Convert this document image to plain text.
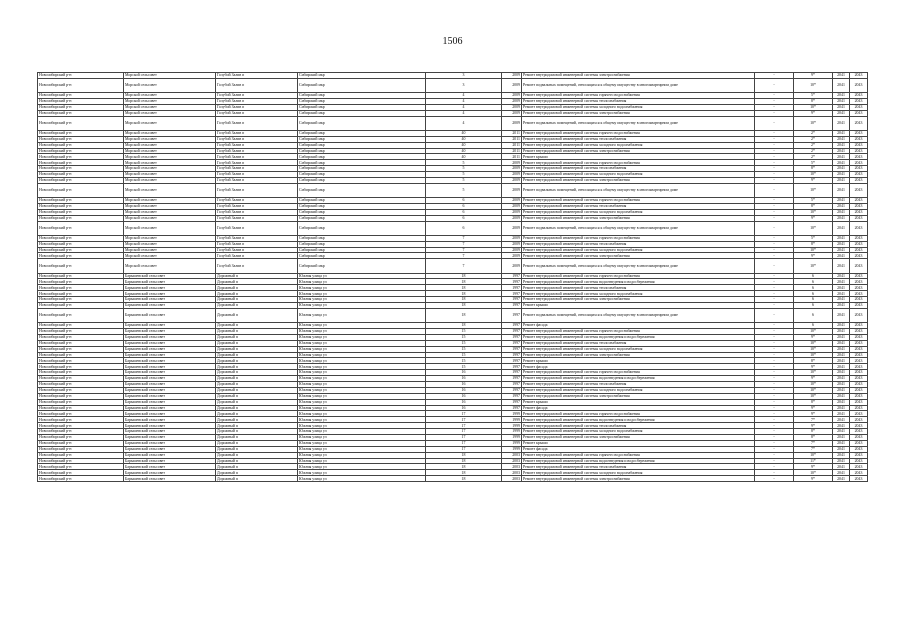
1506
Новосибирский р-н	Морской сельсовет	Голубой Залив п	Сибирский мкр	3	2009	Ремонт внутридомовой инженерной системы электроснабжения	-	9*	2041	2043
Новосибирский р-н	Морской сельсовет	Голубой Залив п	Сибирский мкр	3	2009	Ремонт подвальных помещений, относящихся к общему имуществу в многоквартирном доме	-	10*	2041	2043
Новосибирский р-н	Морской сельсовет	Голубой Залив п	Сибирский мкр	4	2009	Ремонт внутридомовой инженерной системы горячего водоснабжения	-	5*	2041	2043
Новосибирский р-н	Морской сельсовет	Голубой Залив п	Сибирский мкр	4	2009	Ремонт внутридомовой инженерной системы теплоснабжения	-	8*	2041	2043
Новосибирский р-н	Морской сельсовет	Голубой Залив п	Сибирский мкр	4	2009	Ремонт внутридомовой инженерной системы холодного водоснабжения	-	10*	2041	2043
Новосибирский р-н	Морской сельсовет	Голубой Залив п	Сибирский мкр	4	2009	Ремонт внутридомовой инженерной системы электроснабжения	-	9*	2041	2043
Новосибирский р-н	Морской сельсовет	Голубой Залив п	Сибирский мкр	4	2009	Ремонт подвальных помещений, относящихся к общему имуществу в многоквартирном доме	-	10*	2041	2043
Новосибирский р-н	Морской сельсовет	Голубой Залив п	Сибирский мкр	40	2011	Ремонт внутридомовой инженерной системы горячего водоснабжения	-	2*	2041	2043
Новосибирский р-н	Морской сельсовет	Голубой Залив п	Сибирский мкр	40	2011	Ремонт внутридомовой инженерной системы теплоснабжения	-	2*	2041	2043
Новосибирский р-н	Морской сельсовет	Голубой Залив п	Сибирский мкр	40	2011	Ремонт внутридомовой инженерной системы холодного водоснабжения	-	2*	2041	2043
Новосибирский р-н	Морской сельсовет	Голубой Залив п	Сибирский мкр	40	2011	Ремонт внутридомовой инженерной системы электроснабжения	-	2*	2041	2043
Новосибирский р-н	Морской сельсовет	Голубой Залив п	Сибирский мкр	40	2011	Ремонт крыши	-	2*	2041	2043
Новосибирский р-н	Морской сельсовет	Голубой Залив п	Сибирский мкр	5	2009	Ремонт внутридомовой инженерной системы горячего водоснабжения	-	5*	2041	2043
Новосибирский р-н	Морской сельсовет	Голубой Залив п	Сибирский мкр	5	2009	Ремонт внутридомовой инженерной системы теплоснабжения	-	8*	2041	2043
Новосибирский р-н	Морской сельсовет	Голубой Залив п	Сибирский мкр	5	2009	Ремонт внутридомовой инженерной системы холодного водоснабжения	-	10*	2041	2043
Новосибирский р-н	Морской сельсовет	Голубой Залив п	Сибирский мкр	5	2009	Ремонт внутридомовой инженерной системы электроснабжения	-	9*	2041	2043
Новосибирский р-н	Морской сельсовет	Голубой Залив п	Сибирский мкр	5	2009	Ремонт подвальных помещений, относящихся к общему имуществу в многоквартирном доме	-	10*	2041	2043
Новосибирский р-н	Морской сельсовет	Голубой Залив п	Сибирский мкр	6	2009	Ремонт внутридомовой инженерной системы горячего водоснабжения	-	5*	2041	2043
Новосибирский р-н	Морской сельсовет	Голубой Залив п	Сибирский мкр	6	2009	Ремонт внутридомовой инженерной системы теплоснабжения	-	8*	2041	2043
Новосибирский р-н	Морской сельсовет	Голубой Залив п	Сибирский мкр	6	2009	Ремонт внутридомовой инженерной системы холодного водоснабжения	-	10*	2041	2043
Новосибирский р-н	Морской сельсовет	Голубой Залив п	Сибирский мкр	6	2009	Ремонт внутридомовой инженерной системы электроснабжения	-	9*	2041	2043
Новосибирский р-н	Морской сельсовет	Голубой Залив п	Сибирский мкр	6	2009	Ремонт подвальных помещений, относящихся к общему имуществу в многоквартирном доме	-	10*	2041	2043
Новосибирский р-н	Морской сельсовет	Голубой Залив п	Сибирский мкр	7	2009	Ремонт внутридомовой инженерной системы горячего водоснабжения	-	5*	2041	2043
Новосибирский р-н	Морской сельсовет	Голубой Залив п	Сибирский мкр	7	2009	Ремонт внутридомовой инженерной системы теплоснабжения	-	8*	2041	2043
Новосибирский р-н	Морской сельсовет	Голубой Залив п	Сибирский мкр	7	2009	Ремонт внутридомовой инженерной системы холодного водоснабжения	-	10*	2041	2043
Новосибирский р-н	Морской сельсовет	Голубой Залив п	Сибирский мкр	7	2009	Ремонт внутридомовой инженерной системы электроснабжения	-	9*	2041	2043
Новосибирский р-н	Морской сельсовет	Голубой Залив п	Сибирский мкр	7	2009	Ремонт подвальных помещений, относящихся к общему имуществу в многоквартирном доме	-	10*	2041	2043
Новосибирский р-н	Барышевский сельсовет	Дорожный п	Южная улица ул	18	1997	Ремонт внутридомовой инженерной системы горячего водоснабжения	-	6	2041	2043
Новосибирский р-н	Барышевский сельсовет	Дорожный п	Южная улица ул	18	1997	Ремонт внутридомовой инженерной системы водоотведения и водосбережения	-	6	2041	2043
Новосибирский р-н	Барышевский сельсовет	Дорожный п	Южная улица ул	18	1997	Ремонт внутридомовой инженерной системы теплоснабжения	-	6	2041	2043
Новосибирский р-н	Барышевский сельсовет	Дорожный п	Южная улица ул	18	1997	Ремонт внутридомовой инженерной системы холодного водоснабжения	-	6	2041	2043
Новосибирский р-н	Барышевский сельсовет	Дорожный п	Южная улица ул	18	1997	Ремонт внутридомовой инженерной системы электроснабжения	-	6	2041	2043
Новосибирский р-н	Барышевский сельсовет	Дорожный п	Южная улица ул	18	1997	Ремонт крыши	-	6	2041	2043
Новосибирский р-н	Барышевский сельсовет	Дорожный п	Южная улица ул	18	1997	Ремонт подвальных помещений, относящихся к общему имуществу в многоквартирном доме	-	6	2041	2043
Новосибирский р-н	Барышевский сельсовет	Дорожный п	Южная улица ул	18	1997	Ремонт фасада	-	6	2041	2043
Новосибирский р-н	Барышевский сельсовет	Дорожный п	Южная улица ул	15	1997	Ремонт внутридомовой инженерной системы горячего водоснабжения	-	10*	2041	2043
Новосибирский р-н	Барышевский сельсовет	Дорожный п	Южная улица ул	15	1997	Ремонт внутридомовой инженерной системы водоотведения и водосбережения	-	9*	2041	2043
Новосибирский р-н	Барышевский сельсовет	Дорожный п	Южная улица ул	15	1997	Ремонт внутридомовой инженерной системы теплоснабжения	-	10*	2041	2043
Новосибирский р-н	Барышевский сельсовет	Дорожный п	Южная улица ул	15	1997	Ремонт внутридомовой инженерной системы холодного водоснабжения	-	10*	2041	2043
Новосибирский р-н	Барышевский сельсовет	Дорожный п	Южная улица ул	15	1997	Ремонт внутридомовой инженерной системы электроснабжения	-	10*	2041	2043
Новосибирский р-н	Барышевский сельсовет	Дорожный п	Южная улица ул	15	1997	Ремонт крыши	-	8*	2041	2043
Новосибирский р-н	Барышевский сельсовет	Дорожный п	Южная улица ул	15	1997	Ремонт фасада	-	9*	2041	2043
Новосибирский р-н	Барышевский сельсовет	Дорожный п	Южная улица ул	16	1997	Ремонт внутридомовой инженерной системы горячего водоснабжения	-	10*	2041	2043
Новосибирский р-н	Барышевский сельсовет	Дорожный п	Южная улица ул	16	1997	Ремонт внутридомовой инженерной системы водоотведения и водосбережения	-	9*	2041	2043
Новосибирский р-н	Барышевский сельсовет	Дорожный п	Южная улица ул	16	1997	Ремонт внутридомовой инженерной системы теплоснабжения	-	10*	2041	2043
Новосибирский р-н	Барышевский сельсовет	Дорожный п	Южная улица ул	16	1997	Ремонт внутридомовой инженерной системы холодного водоснабжения	-	10*	2041	2043
Новосибирский р-н	Барышевский сельсовет	Дорожный п	Южная улица ул	16	1997	Ремонт внутридомовой инженерной системы электроснабжения	-	10*	2041	2043
Новосибирский р-н	Барышевский сельсовет	Дорожный п	Южная улица ул	16	1997	Ремонт крыши	-	8*	2041	2043
Новосибирский р-н	Барышевский сельсовет	Дорожный п	Южная улица ул	16	1997	Ремонт фасада	-	9*	2041	2043
Новосибирский р-н	Барышевский сельсовет	Дорожный п	Южная улица ул	17	1999	Ремонт внутридомовой инженерной системы горячего водоснабжения	-	9*	2041	2043
Новосибирский р-н	Барышевский сельсовет	Дорожный п	Южная улица ул	17	1999	Ремонт внутридомовой инженерной системы водоотведения и водосбережения	-	7*	2041	2043
Новосибирский р-н	Барышевский сельсовет	Дорожный п	Южная улица ул	17	1999	Ремонт внутридомовой инженерной системы теплоснабжения	-	9*	2041	2043
Новосибирский р-н	Барышевский сельсовет	Дорожный п	Южная улица ул	17	1999	Ремонт внутридомовой инженерной системы холодного водоснабжения	-	8*	2041	2043
Новосибирский р-н	Барышевский сельсовет	Дорожный п	Южная улица ул	17	1999	Ремонт внутридомовой инженерной системы электроснабжения	-	8*	2041	2043
Новосибирский р-н	Барышевский сельсовет	Дорожный п	Южная улица ул	17	1999	Ремонт крыши	-	7*	2041	2043
Новосибирский р-н	Барышевский сельсовет	Дорожный п	Южная улица ул	17	1999	Ремонт фасада	-	7*	2041	2043
Новосибирский р-н	Барышевский сельсовет	Дорожный п	Южная улица ул	18	2003	Ремонт внутридомовой инженерной системы горячего водоснабжения	-	10*	2041	2043
Новосибирский р-н	Барышевский сельсовет	Дорожный п	Южная улица ул	18	2003	Ремонт внутридомовой инженерной системы водоотведения и водосбережения	-	11*	2041	2043
Новосибирский р-н	Барышевский сельсовет	Дорожный п	Южная улица ул	18	2003	Ремонт внутридомовой инженерной системы теплоснабжения	-	9*	2041	2043
Новосибирский р-н	Барышевский сельсовет	Дорожный п	Южная улица ул	18	2003	Ремонт внутридомовой инженерной системы холодного водоснабжения	-	10*	2041	2043
Новосибирский р-н	Барышевский сельсовет	Дорожный п	Южная улица ул	18	2003	Ремонт внутридомовой инженерной системы электроснабжения	-	9*	2041	2043
